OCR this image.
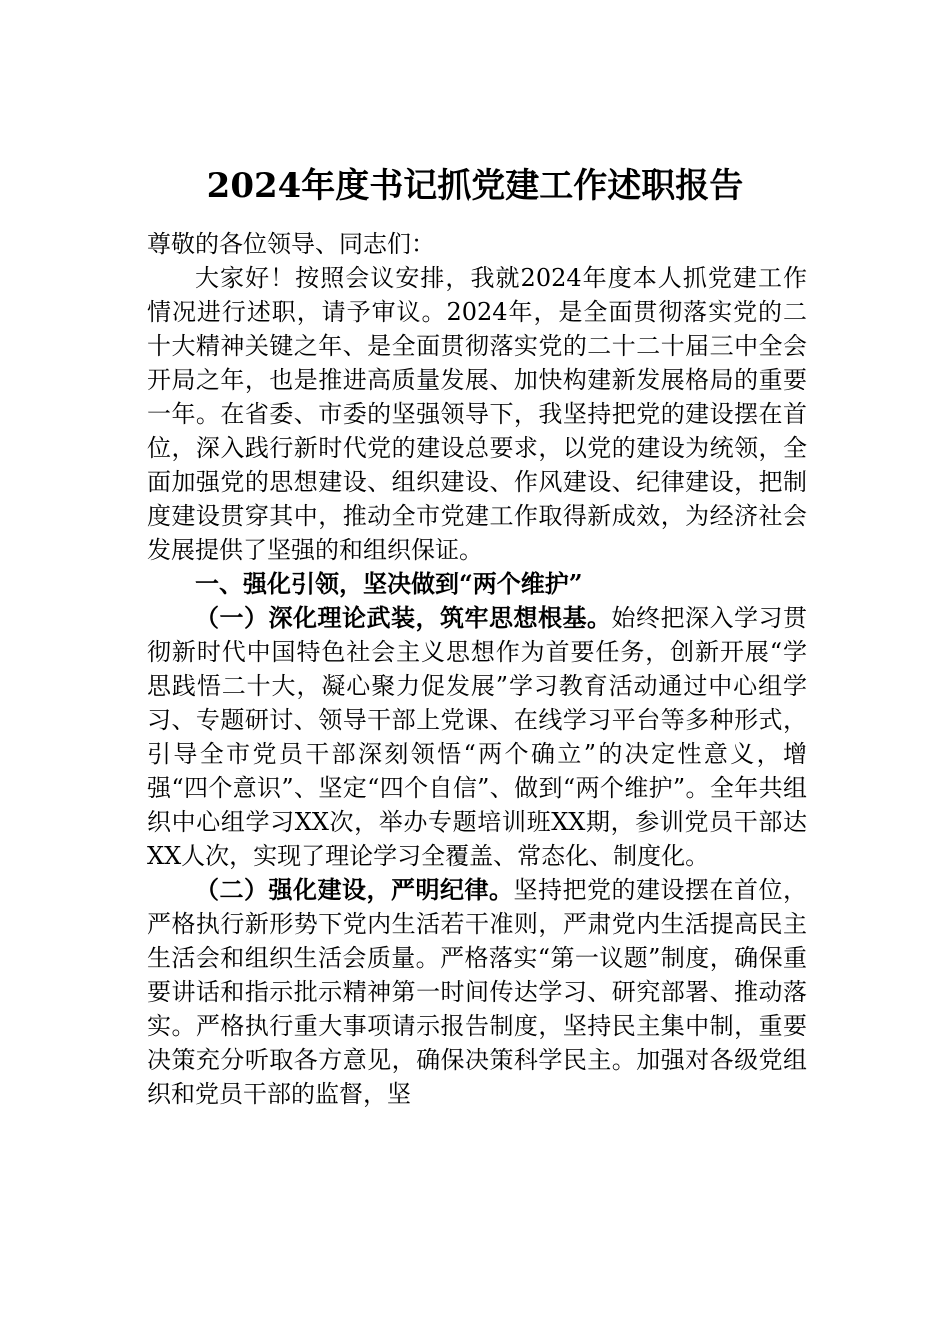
2024年度书记抓党建工作述职报告

尊敬的各位领导、同志们：

大家好！按照会议安排，我就2024年度本人抓党建工作情况进行述职，请予审议。2024年，是全面贯彻落实党的二十大精神关键之年、是全面贯彻落实党的二十二十届三中全会开局之年，也是推进高质量发展、加快构建新发展格局的重要一年。在省委、市委的坚强领导下，我坚持把党的建设摆在首位，深入践行新时代党的建设总要求，以党的建设为统领，全面加强党的思想建设、组织建设、作风建设、纪律建设，把制度建设贯穿其中，推动全市党建工作取得新成效，为经济社会发展提供了坚强的和组织保证。

一、强化引领，坚决做到“两个维护”

（一）深化理论武装，筑牢思想根基。始终把深入学习贯彻新时代中国特色社会主义思想作为首要任务，创新开展“学思践悟二十大，凝心聚力促发展”学习教育活动通过中心组学习、专题研讨、领导干部上党课、在线学习平台等多种形式，引导全市党员干部深刻领悟“两个确立”的决定性意义，增强“四个意识”、坚定“四个自信”、做到“两个维护”。全年共组织中心组学习XX次，举办专题培训班XX期，参训党员干部达XX人次，实现了理论学习全覆盖、常态化、制度化。

（二）强化建设，严明纪律。坚持把党的建设摆在首位，严格执行新形势下党内生活若干准则，严肃党内生活提高民主生活会和组织生活会质量。严格落实“第一议题”制度，确保重要讲话和指示批示精神第一时间传达学习、研究部署、推动落实。严格执行重大事项请示报告制度，坚持民主集中制，重要决策充分听取各方意见，确保决策科学民主。加强对各级党组织和党员干部的监督，坚
